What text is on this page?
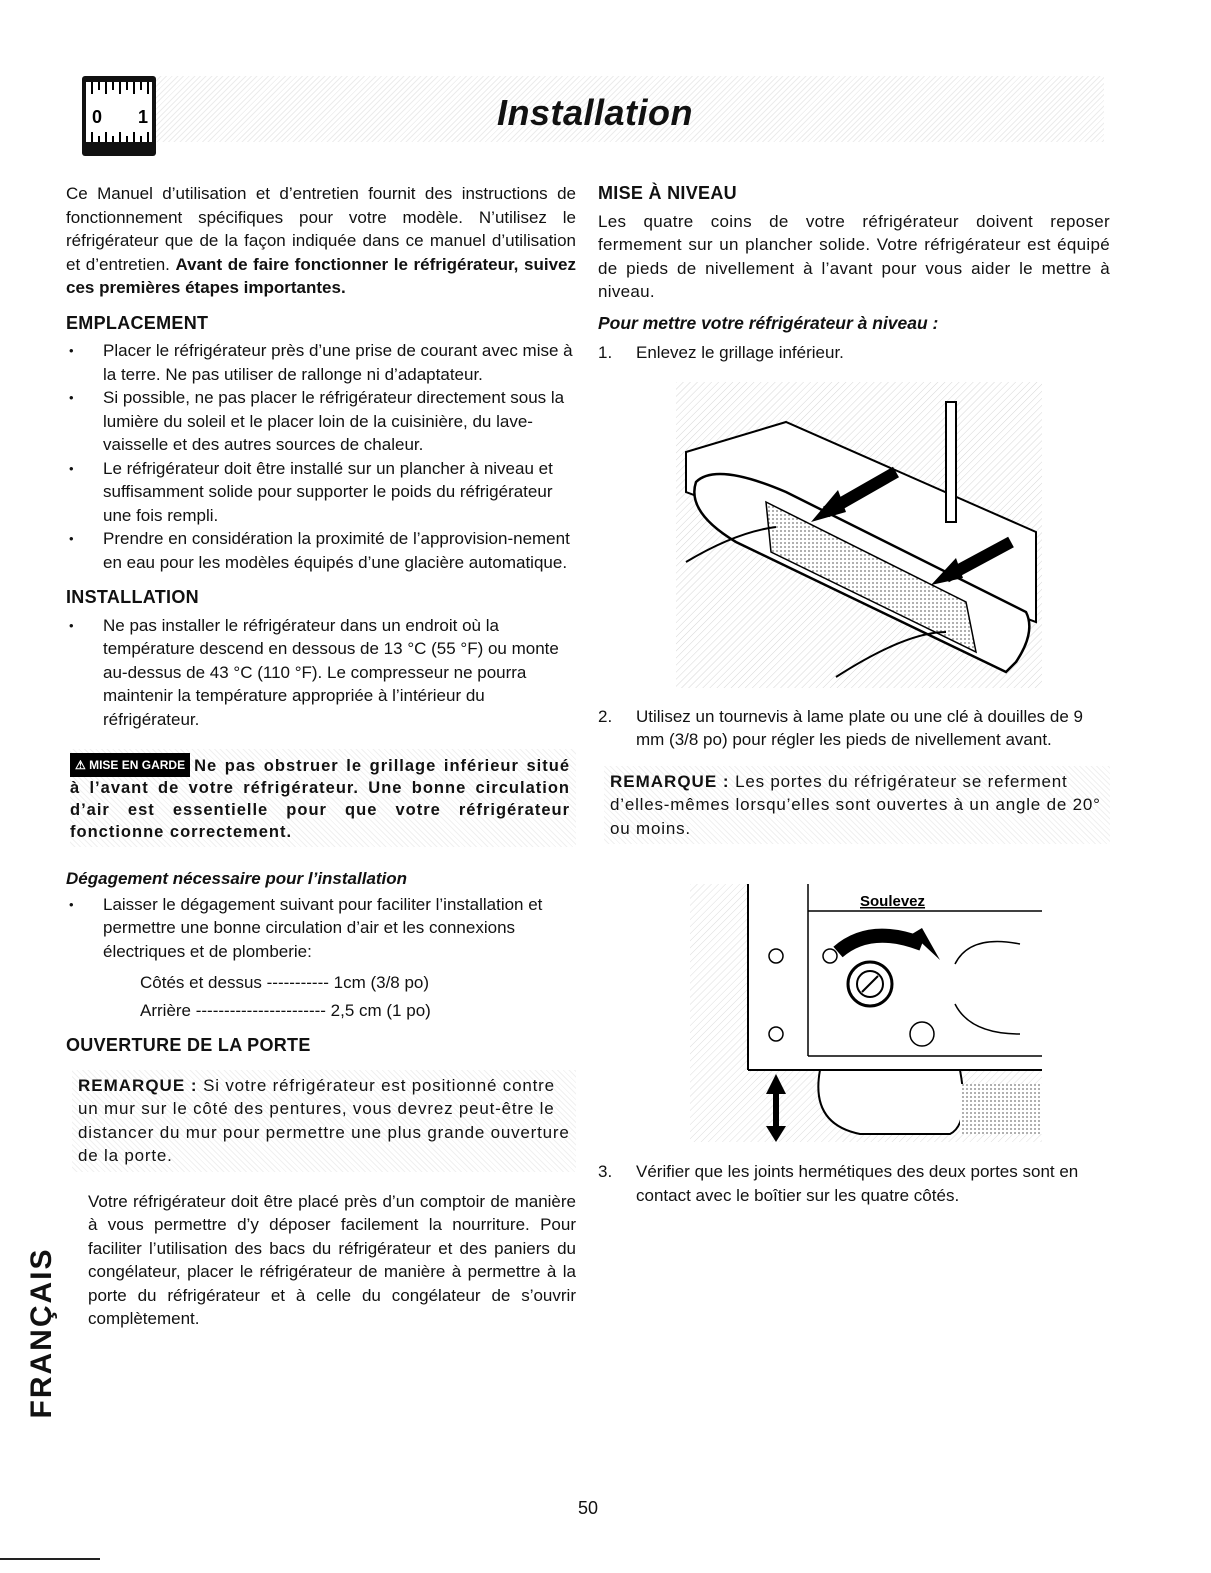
0 1	Installation

Ce Manuel d’utilisation et d’entretien fournit des instructions de fonctionnement spécifiques pour votre modèle. N’utilisez le réfrigérateur que de la façon indiquée dans ce manuel d’utilisation et d’entretien. Avant de faire fonctionner le réfrigérateur, suivez ces premières étapes importantes.

EMPLACEMENT
• Placer le réfrigérateur près d’une prise de courant avec mise à la terre. Ne pas utiliser de rallonge ni d’adaptateur.
• Si possible, ne pas placer le réfrigérateur directement sous la lumière du soleil et le placer loin de la cuisinière, du lave-vaisselle et des autres sources de chaleur.
• Le réfrigérateur doit être installé sur un plancher à niveau et suffisamment solide pour supporter le poids du réfrigérateur une fois rempli.
• Prendre en considération la proximité de l’approvision-nement en eau pour les modèles équipés d’une glacière automatique.
INSTALLATION
• Ne pas installer le réfrigérateur dans un endroit où la température descend en dessous de 13 °C (55 °F) ou monte au-dessus de 43 °C (110 °F). Le compresseur ne pourra maintenir la température appropriée à l’intérieur du réfrigérateur.
⚠ MISE EN GARDE Ne pas obstruer le grillage inférieur situé à l’avant de votre réfrigérateur. Une bonne circulation d’air est essentielle pour que votre réfrigérateur fonctionne correctement.
Dégagement nécessaire pour l’installation
• Laisser le dégagement suivant pour faciliter l’installation et permettre une bonne circulation d’air et les connexions électriques et de plomberie:
Côtés et dessus ----------- 1cm (3/8 po)
Arrière ----------------------- 2,5 cm (1 po)
OUVERTURE DE LA PORTE
REMARQUE : Si votre réfrigérateur est positionné contre un mur sur le côté des pentures, vous devrez peut-être le distancer du mur pour permettre une plus grande ouverture de la porte.

Votre réfrigérateur doit être placé près d’un comptoir de manière à vous permettre d’y déposer facilement la nourriture. Pour faciliter l’utilisation des bacs du réfrigérateur et des paniers du congélateur, placer le réfrigérateur de manière à permettre à la porte du réfrigérateur et à celle du congélateur de s’ouvrir complètement.

MISE À NIVEAU

Les quatre coins de votre réfrigérateur doivent reposer fermement sur un plancher solide. Votre réfrigérateur est équipé de pieds de nivellement à l’avant pour vous aider le mettre à niveau.

Pour mettre votre réfrigérateur à niveau :
1. Enlevez le grillage inférieur.
2. Utilisez un tournevis à lame plate ou une clé à douilles de 9 mm (3/8 po) pour régler les pieds de nivellement avant.
REMARQUE : Les portes du réfrigérateur se referment d’elles-mêmes lorsqu’elles sont ouvertes à un angle de 20° ou moins.
3. Vérifier que les joints hermétiques des deux portes sont en contact avec le boîtier sur les quatre côtés.
Soulevez
FRANÇAIS
50
